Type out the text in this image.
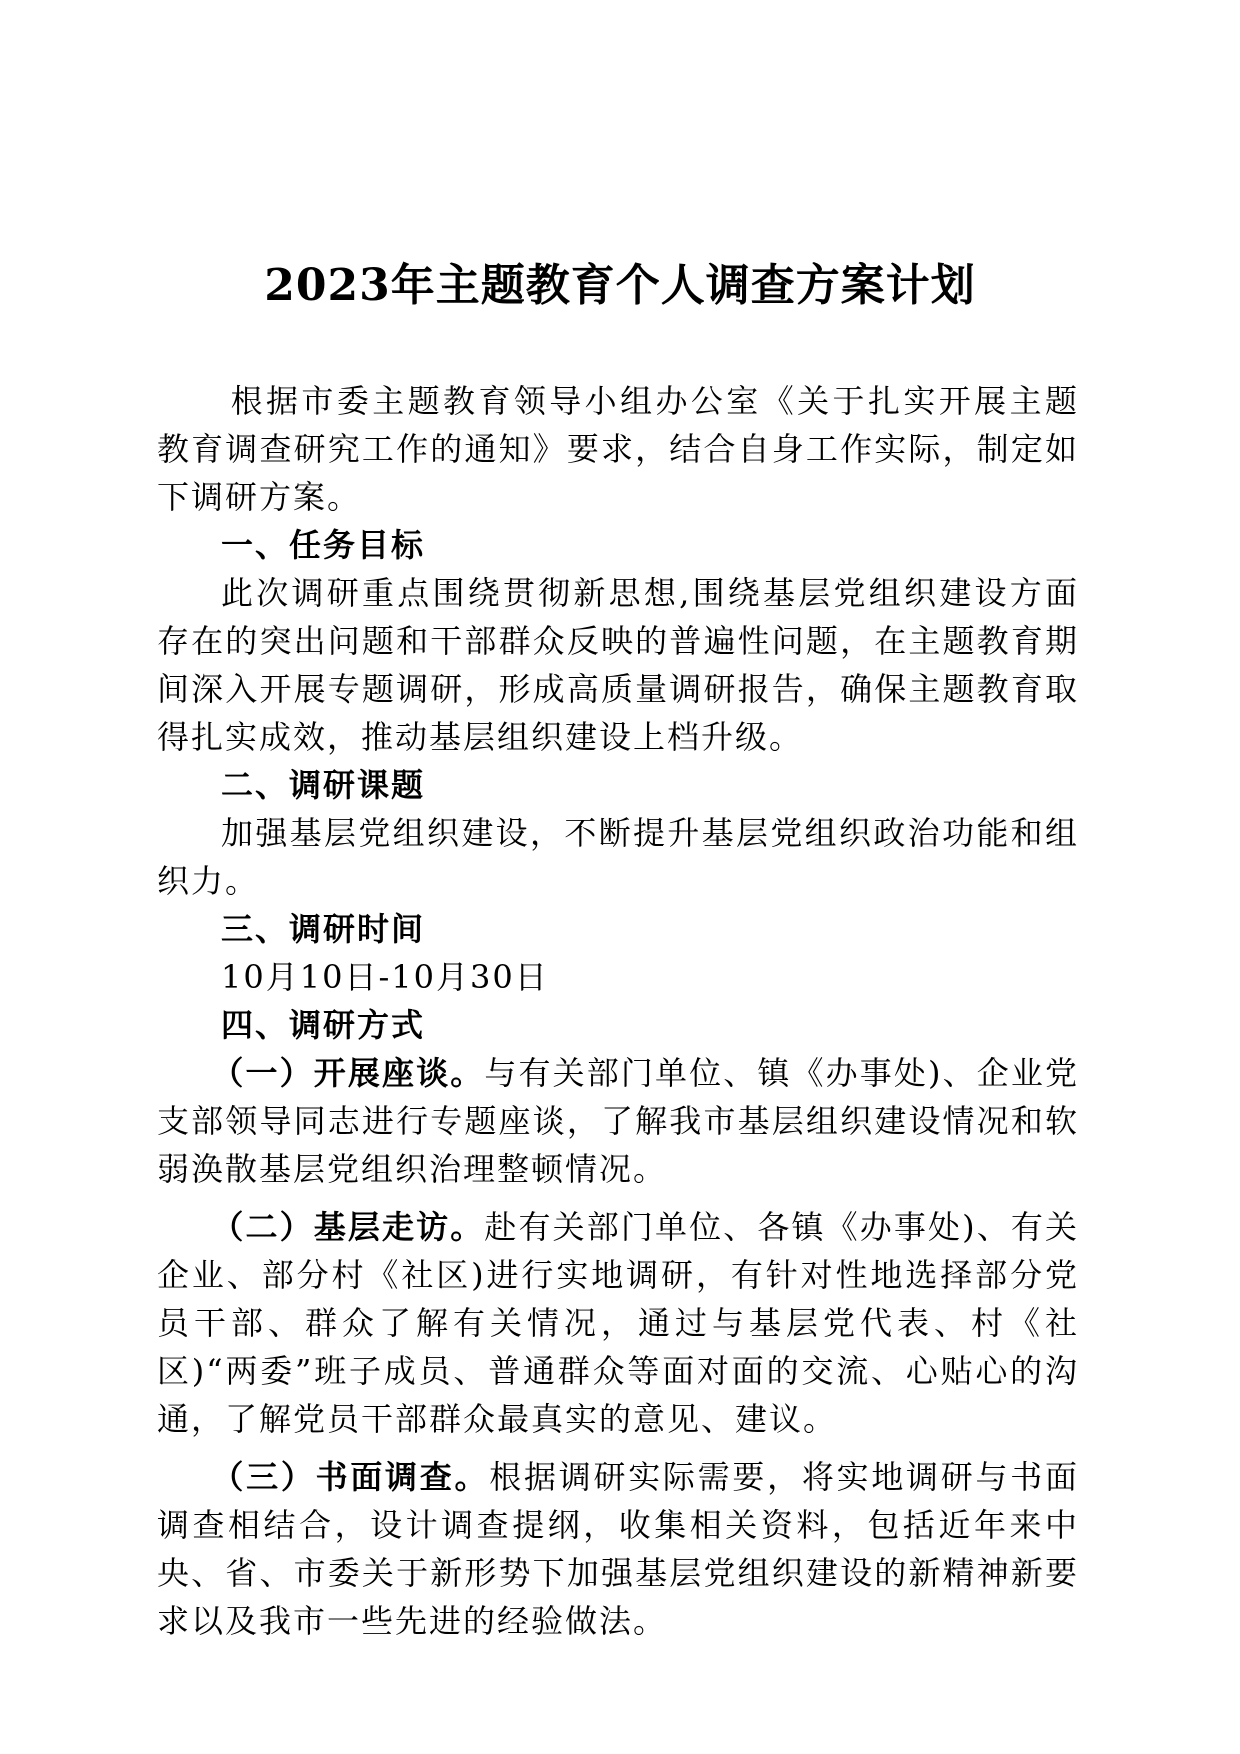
2023年主题教育个人调查方案计划

根据市委主题教育领导小组办公室《关于扎实开展主题教育调查研究工作的通知》要求，结合自身工作实际，制定如下调研方案。

一、任务目标

此次调研重点围绕贯彻新思想,围绕基层党组织建设方面存在的突出问题和干部群众反映的普遍性问题，在主题教育期间深入开展专题调研，形成高质量调研报告，确保主题教育取得扎实成效，推动基层组织建设上档升级。

二、调研课题

加强基层党组织建设，不断提升基层党组织政治功能和组织力。

三、调研时间

10月10日-10月30日

四、调研方式

（一）开展座谈。与有关部门单位、镇《办事处)、企业党支部领导同志进行专题座谈，了解我市基层组织建设情况和软弱涣散基层党组织治理整顿情况。

（二）基层走访。赴有关部门单位、各镇《办事处)、有关企业、部分村《社区)进行实地调研，有针对性地选择部分党员干部、群众了解有关情况，通过与基层党代表、村《社区)“两委”班子成员、普通群众等面对面的交流、心贴心的沟通，了解党员干部群众最真实的意见、建议。

（三）书面调查。根据调研实际需要，将实地调研与书面调查相结合，设计调查提纲，收集相关资料，包括近年来中央、省、市委关于新形势下加强基层党组织建设的新精神新要求以及我市一些先进的经验做法。
